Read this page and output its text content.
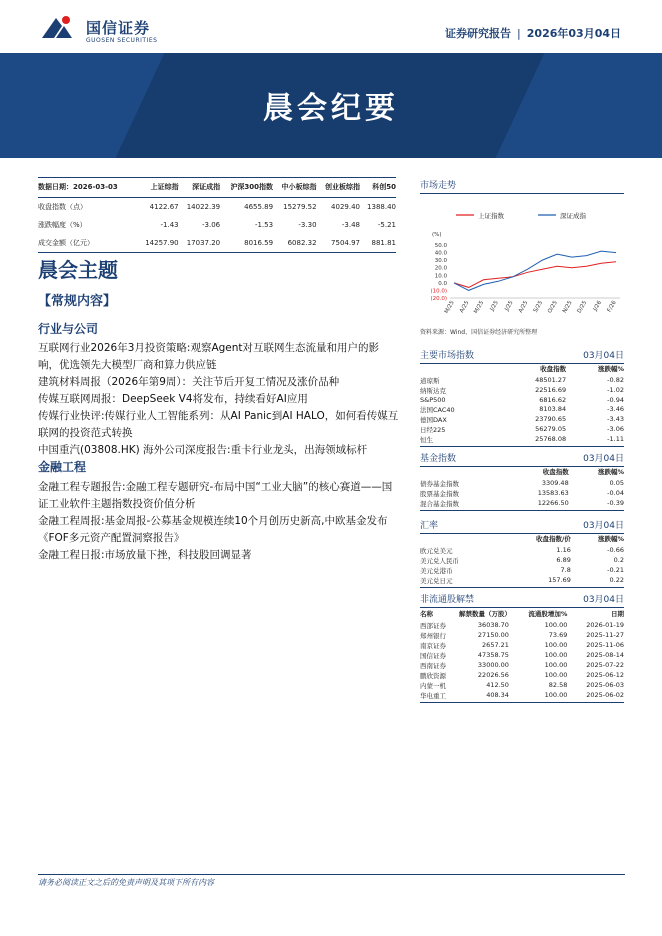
国信证券
GUOSEN SECURITIES
证券研究报告 | 2026年03月04日
晨会纪要
数据日期：2026-03-03	上证综指	深证成指	沪深300指数	中小板综指	创业板综指	科创50
收盘指数（点）	4122.67	14022.39	4655.89	15279.52	4029.40	1388.40
涨跌幅度（%）	-1.43	-3.06	-1.53	-3.30	-3.48	-5.21
成交金额（亿元）	14257.90	17037.20	8016.59	6082.32	7504.97	881.81
晨会主题
【常规内容】
行业与公司
互联网行业2026年3月投资策略:观察Agent对互联网生态流量和用户的影响，优选领先大模型厂商和算力供应链
建筑材料周报（2026年第9周）：关注节后开复工情况及涨价品种
传媒互联网周报：DeepSeek V4将发布，持续看好AI应用
传媒行业快评:传媒行业人工智能系列：从AI Panic到AI HALO，如何看传媒互联网的投资范式转换
中国重汽(03808.HK) 海外公司深度报告:重卡行业龙头，出海领域标杆
金融工程
金融工程专题报告:金融工程专题研究-布局中国“工业大脑”的核心赛道——国证工业软件主题指数投资价值分析
金融工程周报:基金周报-公募基金规模连续10个月创历史新高,中欧基金发布《FOF多元资产配置洞察报告》
金融工程日报:市场放量下挫，科技股回调显著
市场走势
上证指数	深证成指
(%)
50.0
40.0
30.0
20.0
10.0
0.0
(10.0)
(20.0)
M/25 A/25 M/25 J/25 J/25 A/25 S/25 O/25 N/25 D/25 J/26 F/26
资料来源：Wind、国信证券经济研究所整理
主要市场指数	03月04日
	收盘指数	涨跌幅%
道琼斯	48501.27	-0.82
纳斯达克	22516.69	-1.02
S&P500	6816.62	-0.94
法国CAC40	8103.84	-3.46
德国DAX	23790.65	-3.43
日经225	56279.05	-3.06
恒生	25768.08	-1.11
基金指数	03月04日
	收盘指数	涨跌幅%
债券基金指数	3309.48	0.05
股票基金指数	13583.63	-0.04
混合基金指数	12266.50	-0.39
汇率	03月04日
	收盘指数/价	涨跌幅%
欧元兑美元	1.16	-0.66
美元兑人民币	6.89	0.2
美元兑港币	7.8	-0.21
美元兑日元	157.69	0.22
非流通股解禁	03月04日
名称	解禁数量（万股）	流通股增加%	日期
西部证券	36038.70	100.00	2026-01-19
郑州银行	27150.00	73.69	2025-11-27
南京证券	2657.21	100.00	2025-11-06
国信证券	47358.75	100.00	2025-08-14
西南证券	33000.00	100.00	2025-07-22
鹏欣资源	22026.56	100.00	2025-06-12
内蒙一机	412.50	82.58	2025-06-03
华电重工	408.34	100.00	2025-06-02
请务必阅读正文之后的免责声明及其项下所有内容
